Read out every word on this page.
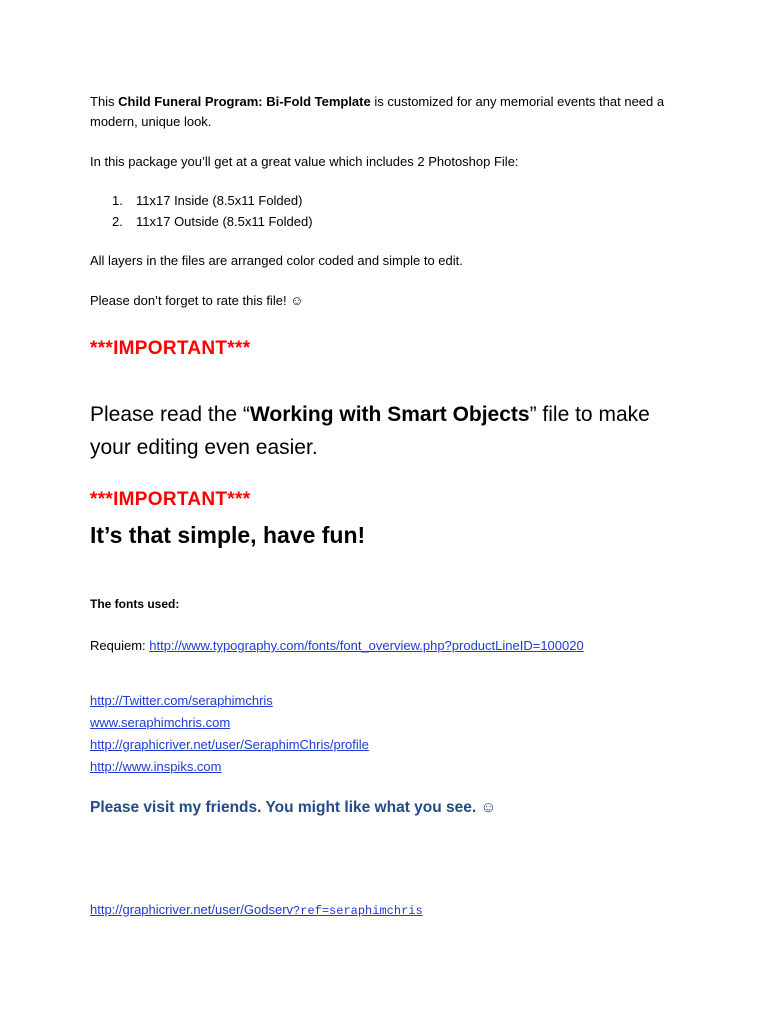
This Child Funeral Program: Bi-Fold Template is customized for any memorial events that need a
modern, unique look.
In this package you’ll get at a great value which includes 2 Photoshop File:
1. 11x17 Inside (8.5x11 Folded)
2. 11x17 Outside (8.5x11 Folded)
All layers in the files are arranged color coded and simple to edit.
Please don’t forget to rate this file! ☺
***IMPORTANT***
Please read the “Working with Smart Objects” file to make
your editing even easier.
***IMPORTANT***
It’s that simple, have fun!
The fonts used:
Requiem: http://www.typography.com/fonts/font_overview.php?productLineID=100020
http://Twitter.com/seraphimchris
www.seraphimchris.com
http://graphicriver.net/user/SeraphimChris/profile
http://www.inspiks.com
Please visit my friends. You might like what you see. ☺
http://graphicriver.net/user/Godserv?ref=seraphimchris
